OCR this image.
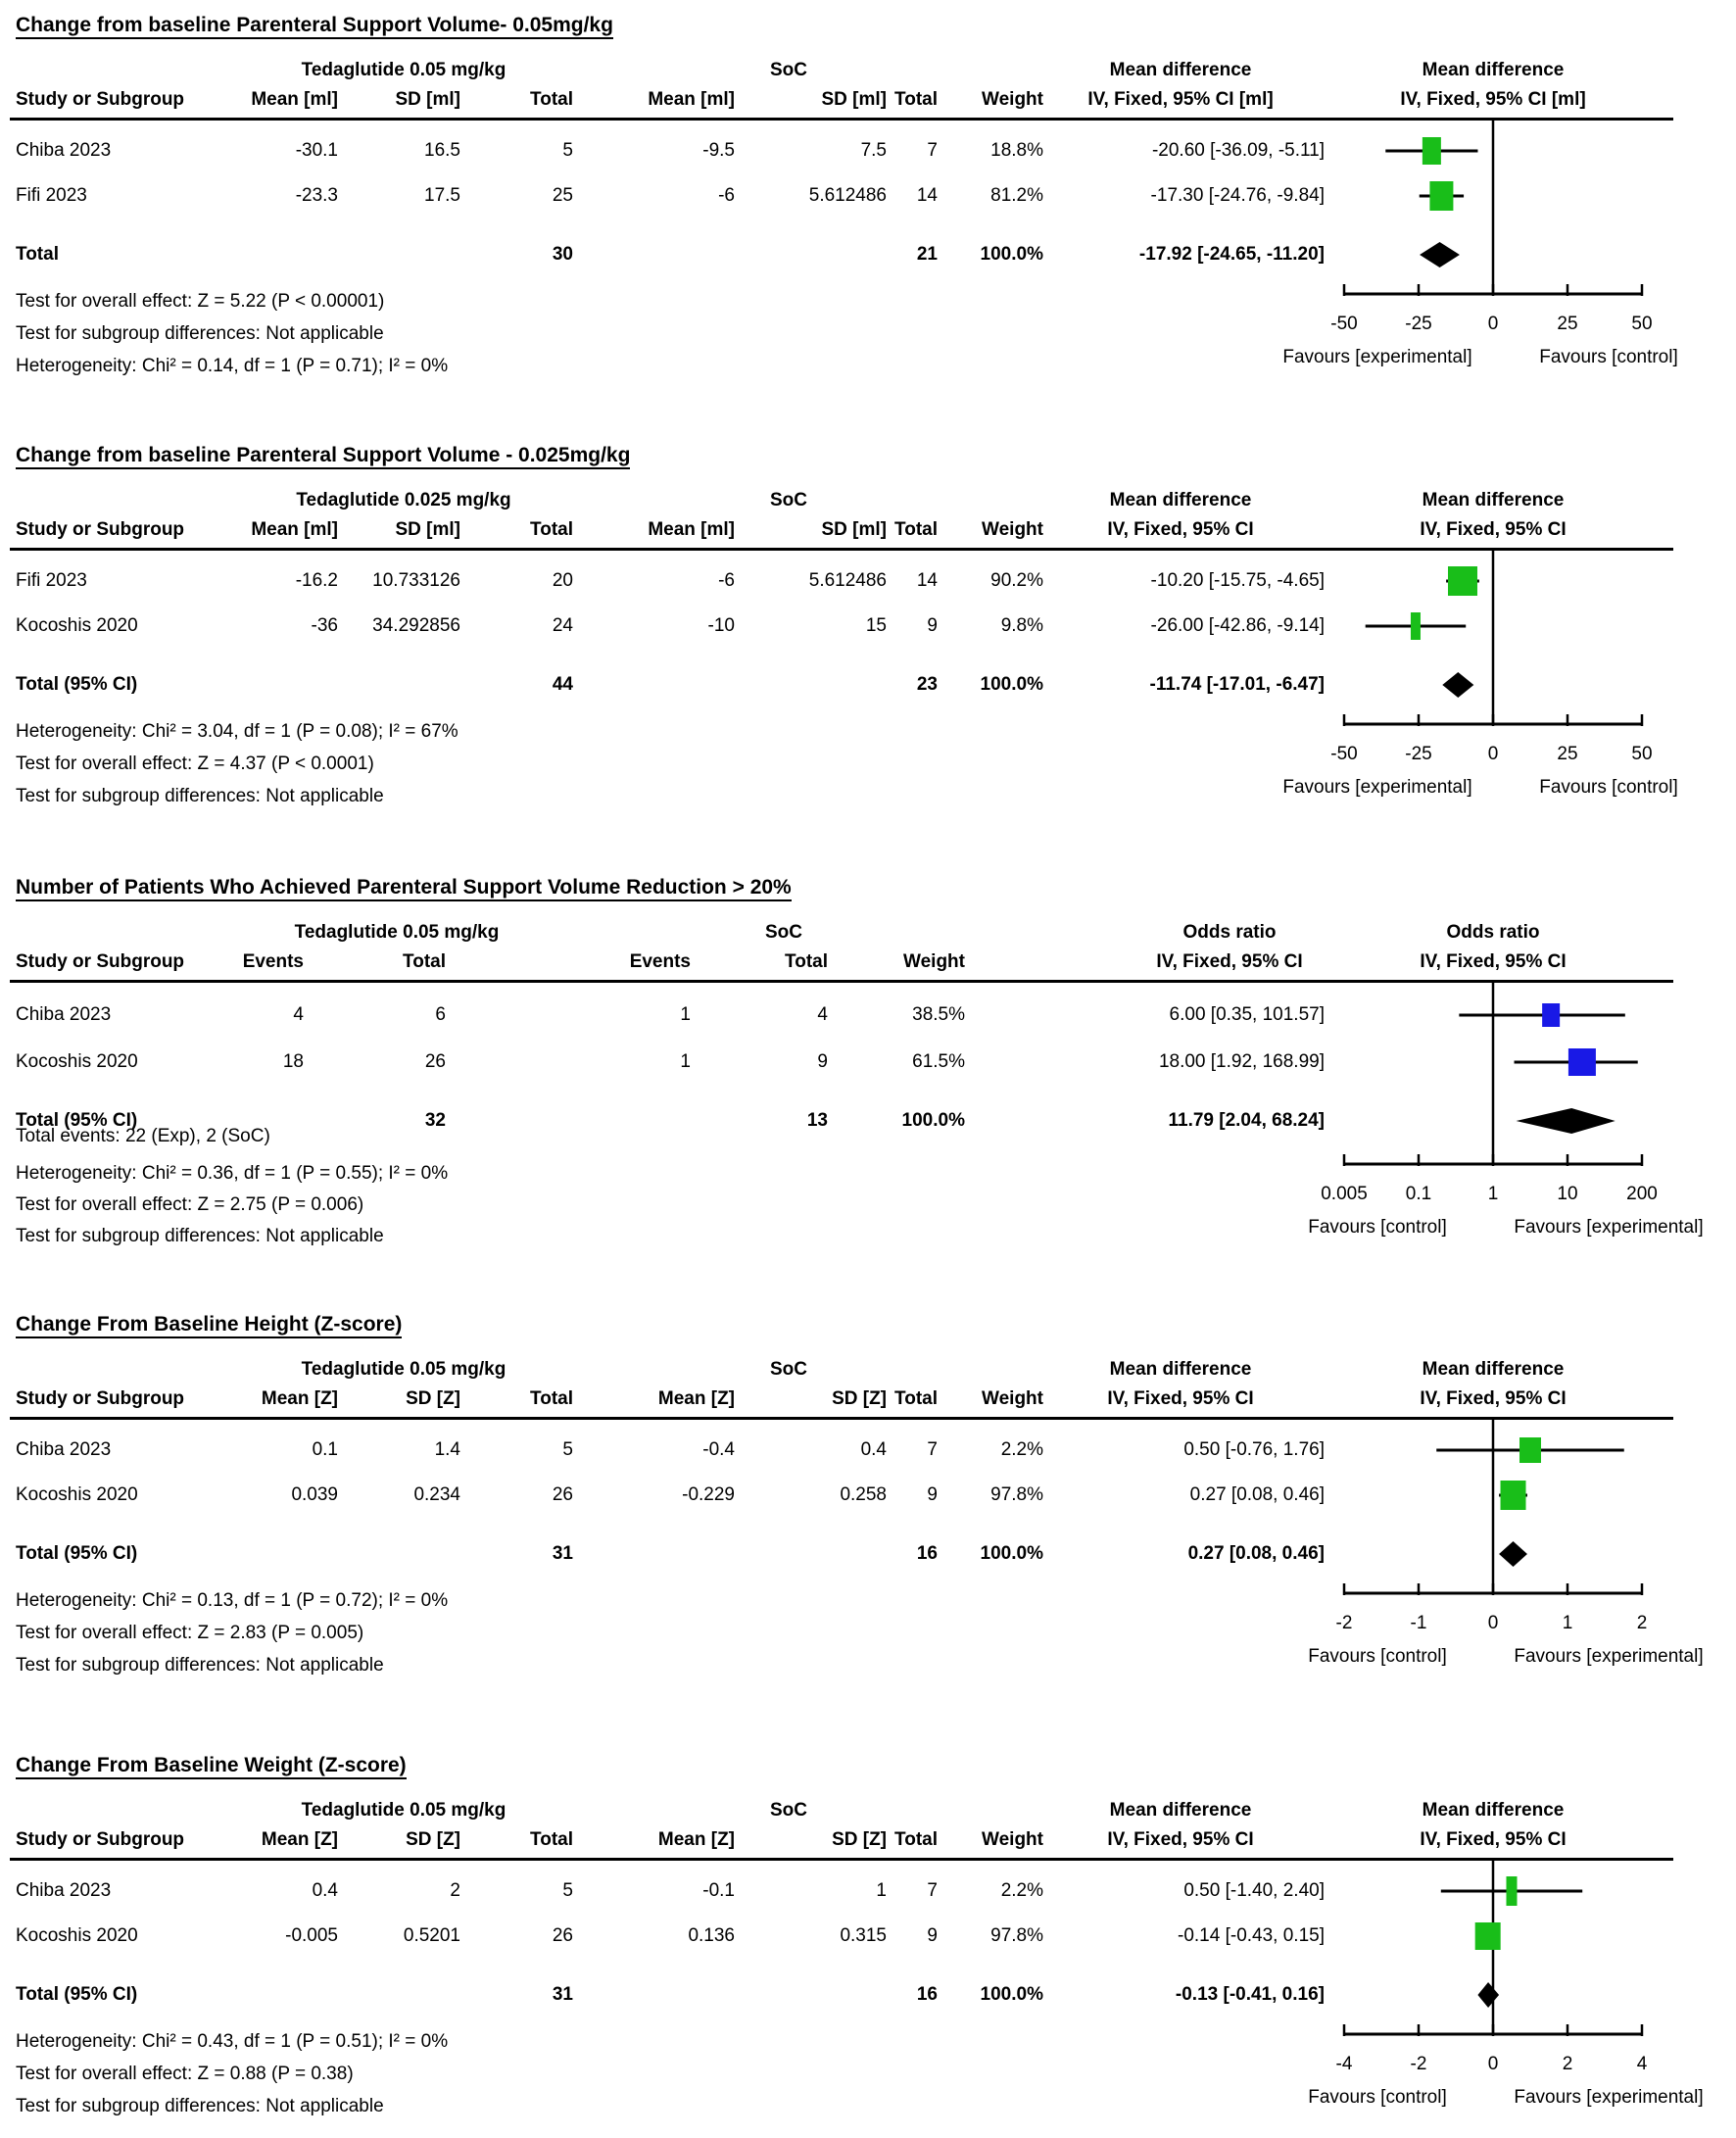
Change from baseline Parenteral Support Volume- 0.05mg/kg
Tedaglutide 0.05 mg/kg	SoC	Mean difference
IV, Fixed, 95% CI [ml]
Mean difference
IV, Fixed, 95% CI [ml]
Study or Subgroup	Mean [ml]	SD [ml]	Total	Mean [ml]	SD [ml] Total	Weight
Chiba 2023	-30.1	16.5	5	-9.5	7.5	7	18.8%	-20.60 [-36.09, -5.11]
Fifi 2023	-23.3	17.5	25	-6	5.612486	14	81.2%	-17.30 [-24.76, -9.84]
Total	30	21	100.0%	-17.92 [-24.65, -11.20]
Test for overall effect: Z = 5.22 (P < 0.00001)
Test for subgroup differences: Not applicable
Heterogeneity: Chi² = 0.14, df = 1 (P = 0.71); I² = 0%
-50	-25	0	25	50
Favours [experimental]	Favours [control]
Change from baseline Parenteral Support Volume - 0.025mg/kg
Tedaglutide 0.025 mg/kg	SoC	Mean difference
IV, Fixed, 95% CI
Mean difference
IV, Fixed, 95% CI
Study or Subgroup	Mean [ml]	SD [ml]	Total	Mean [ml]	SD [ml] Total	Weight
Fifi 2023	-16.2	10.733126	20	-6	5.612486	14	90.2%	-10.20 [-15.75, -4.65]
Kocoshis 2020	-36	34.292856	24	-10	15	9	9.8%	-26.00 [-42.86, -9.14]
Total (95% CI)	44	23	100.0%	-11.74 [-17.01, -6.47]
Heterogeneity: Chi² = 3.04, df = 1 (P = 0.08); I² = 67%
Test for overall effect: Z = 4.37 (P < 0.0001)
Test for subgroup differences: Not applicable
-50	-25	0	25	50
Favours [experimental]	Favours [control]
Number of Patients Who Achieved Parenteral Support Volume Reduction > 20%
Tedaglutide 0.05 mg/kg	SoC	Odds ratio
IV, Fixed, 95% CI
Odds ratio
IV, Fixed, 95% CI
Study or Subgroup	Events	Total	Events	Total	Weight
Chiba 2023	4	6	1	4	38.5%	6.00 [0.35, 101.57]
Kocoshis 2020	18	26	1	9	61.5%	18.00 [1.92, 168.99]
Total (95% CI)	32	13	100.0%	11.79 [2.04, 68.24]
Total events: 22 (Exp), 2 (SoC)
Heterogeneity: Chi² = 0.36, df = 1 (P = 0.55); I² = 0%
Test for overall effect: Z = 2.75 (P = 0.006)
Test for subgroup differences: Not applicable
0.005 0.1	1	10	200
Favours [control]	Favours [experimental]
Change From Baseline Height (Z-score)
Tedaglutide 0.05 mg/kg	SoC	Mean difference
IV, Fixed, 95% CI
Mean difference
IV, Fixed, 95% CI
Study or Subgroup	Mean [Z]	SD [Z]	Total	Mean [Z]	SD [Z] Total	Weight
Chiba 2023	0.1	1.4	5	-0.4	0.4	7	2.2%	0.50 [-0.76, 1.76]
Kocoshis 2020	0.039	0.234	26	-0.229	0.258	9	97.8%	0.27 [0.08, 0.46]
Total (95% CI)	31	16	100.0%	0.27 [0.08, 0.46]
Heterogeneity: Chi² = 0.13, df = 1 (P = 0.72); I² = 0%
Test for overall effect: Z = 2.83 (P = 0.005)
Test for subgroup differences: Not applicable
-2	-1	0	1	2
Favours [control]	Favours [experimental]
Change From Baseline Weight (Z-score)
Tedaglutide 0.05 mg/kg	SoC	Mean difference
IV, Fixed, 95% CI
Mean difference
IV, Fixed, 95% CI
Study or Subgroup	Mean [Z]	SD [Z]	Total	Mean [Z]	SD [Z] Total	Weight
Chiba 2023	0.4	2	5	-0.1	1	7	2.2%	0.50 [-1.40, 2.40]
Kocoshis 2020	-0.005	0.5201	26	0.136	0.315	9	97.8%	-0.14 [-0.43, 0.15]
Total (95% CI)	31	16	100.0%	-0.13 [-0.41, 0.16]
Heterogeneity: Chi² = 0.43, df = 1 (P = 0.51); I² = 0%
Test for overall effect: Z = 0.88 (P = 0.38)
Test for subgroup differences: Not applicable
-4	-2	0	2	4
Favours [control]	Favours [experimental]
